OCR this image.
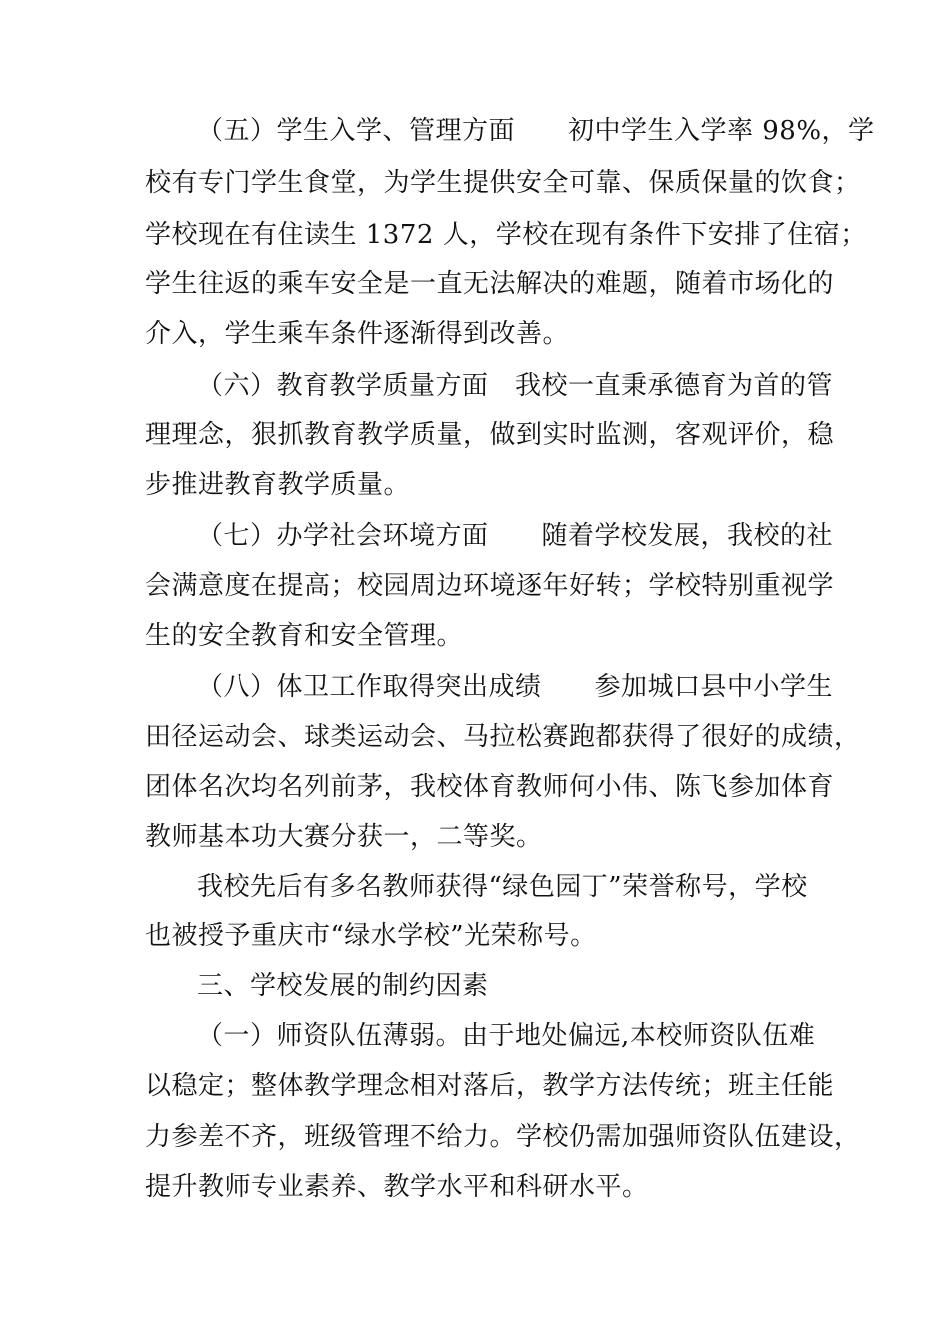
（五）学生入学、管理方面　　初中学生入学率 98%，学
校有专门学生食堂，为学生提供安全可靠、保质保量的饮食；
学校现在有住读生 1372 人，学校在现有条件下安排了住宿；
学生往返的乘车安全是一直无法解决的难题，随着市场化的
介入，学生乘车条件逐渐得到改善。
（六）教育教学质量方面　我校一直秉承德育为首的管
理理念，狠抓教育教学质量，做到实时监测，客观评价，稳
步推进教育教学质量。
（七）办学社会环境方面　　随着学校发展，我校的社
会满意度在提高；校园周边环境逐年好转；学校特别重视学
生的安全教育和安全管理。
（八）体卫工作取得突出成绩　　参加城口县中小学生
田径运动会、球类运动会、马拉松赛跑都获得了很好的成绩，
团体名次均名列前茅，我校体育教师何小伟、陈飞参加体育
教师基本功大赛分获一，二等奖。
我校先后有多名教师获得“绿色园丁”荣誉称号，学校
也被授予重庆市“绿水学校”光荣称号。
三、学校发展的制约因素
（一）师资队伍薄弱。由于地处偏远,本校师资队伍难
以稳定；整体教学理念相对落后，教学方法传统；班主任能
力参差不齐，班级管理不给力。学校仍需加强师资队伍建设，
提升教师专业素养、教学水平和科研水平。
